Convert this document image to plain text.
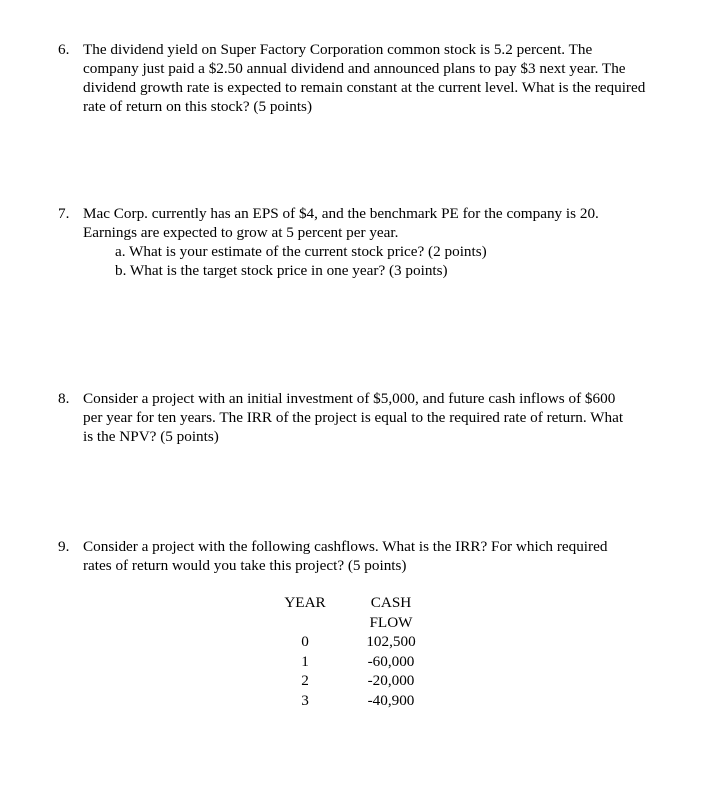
6. The dividend yield on Super Factory Corporation common stock is 5.2 percent. The
company just paid a $2.50 annual dividend and announced plans to pay $3 next year. The
dividend growth rate is expected to remain constant at the current level. What is the required
rate of return on this stock? (5 points)
7. Mac Corp. currently has an EPS of $4, and the benchmark PE for the company is 20.
Earnings are expected to grow at 5 percent per year.
a. What is your estimate of the current stock price? (2 points)
b. What is the target stock price in one year? (3 points)
8. Consider a project with an initial investment of $5,000, and future cash inflows of $600
per year for ten years. The IRR of the project is equal to the required rate of return. What
is the NPV? (5 points)
9. Consider a project with the following cashflows. What is the IRR? For which required
rates of return would you take this project? (5 points)
YEAR		CASH
FLOW

0		102,500
1		-60,000
2		-20,000
3		-40,900
